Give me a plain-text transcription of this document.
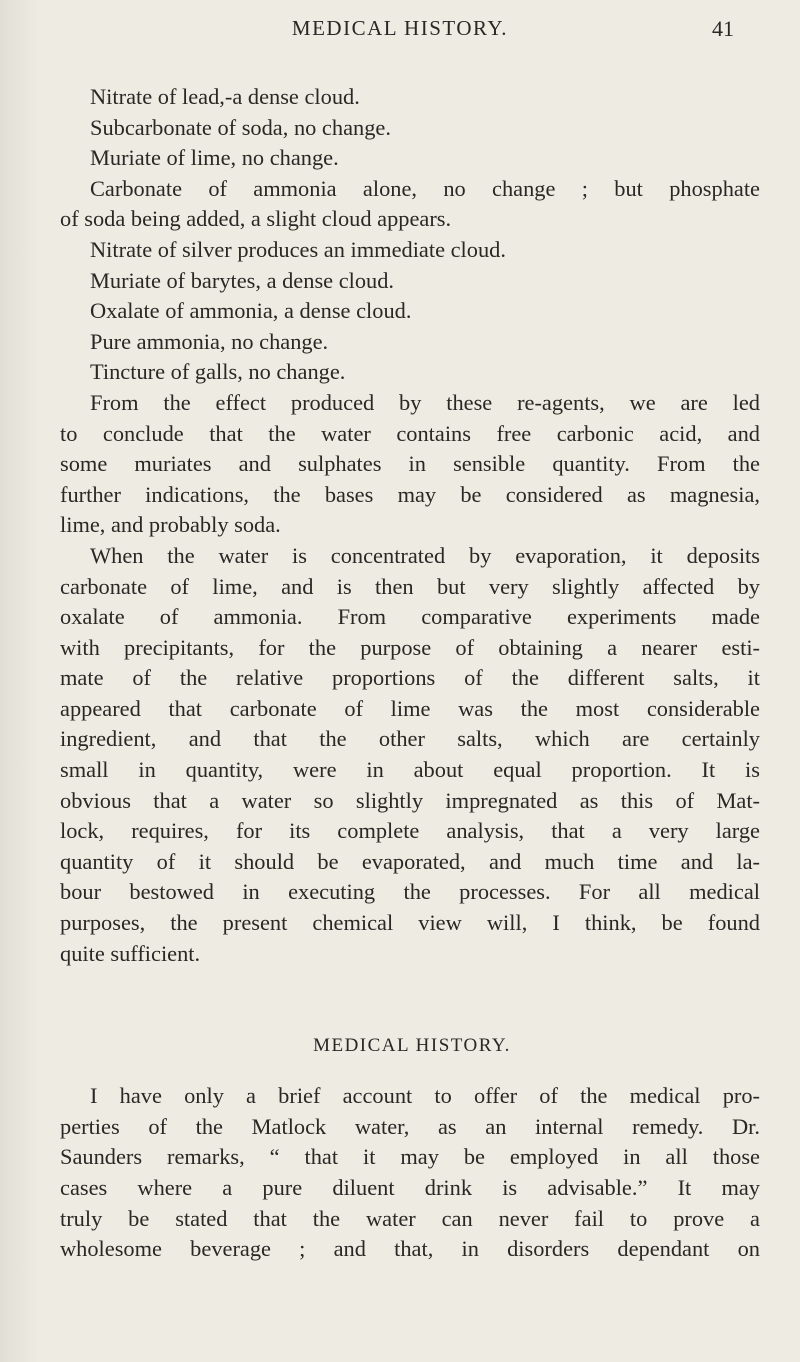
MEDICAL HISTORY.	41
Nitrate of lead,-a dense cloud.
Subcarbonate of soda, no change.
Muriate of lime, no change.
Carbonate of ammonia alone, no change ; but phosphate
of soda being added, a slight cloud appears.
Nitrate of silver produces an immediate cloud.
Muriate of barytes, a dense cloud.
Oxalate of ammonia, a dense cloud.
Pure ammonia, no change.
Tincture of galls, no change.
From the effect produced by these re-agents, we are led
to conclude that the water contains free carbonic acid, and
some muriates and sulphates in sensible quantity. From the
further indications, the bases may be considered as magnesia,
lime, and probably soda.
When the water is concentrated by evaporation, it deposits
carbonate of lime, and is then but very slightly affected by
oxalate of ammonia. From comparative experiments made
with precipitants, for the purpose of obtaining a nearer esti-
mate of the relative proportions of the different salts, it
appeared that carbonate of lime was the most considerable
ingredient, and that the other salts, which are certainly
small in quantity, were in about equal proportion. It is
obvious that a water so slightly impregnated as this of Mat-
lock, requires, for its complete analysis, that a very large
quantity of it should be evaporated, and much time and la-
bour bestowed in executing the processes. For all medical
purposes, the present chemical view will, I think, be found
quite sufficient.
MEDICAL HISTORY.
I have only a brief account to offer of the medical pro-
perties of the Matlock water, as an internal remedy. Dr.
Saunders remarks, “ that it may be employed in all those
cases where a pure diluent drink is advisable.” It may
truly be stated that the water can never fail to prove a
wholesome beverage ; and that, in disorders dependant on
